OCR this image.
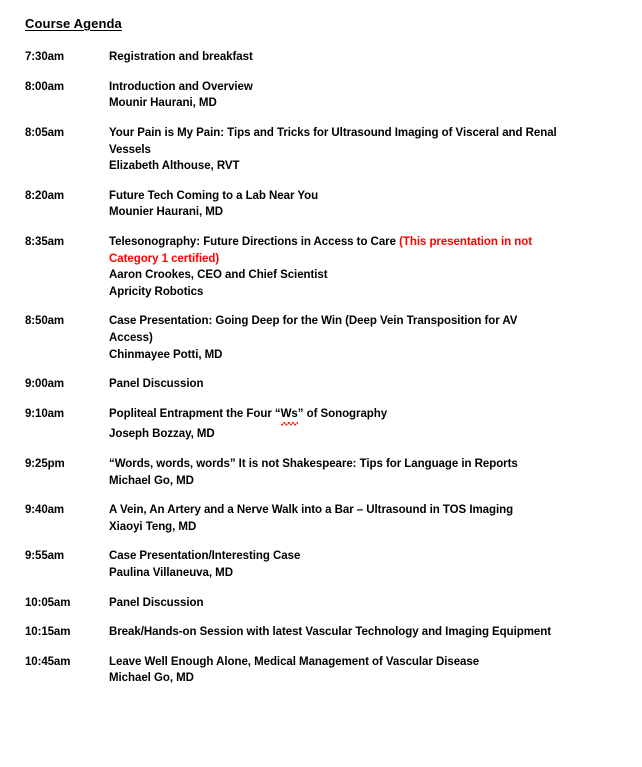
Course Agenda
7:30am	Registration and breakfast
8:00am	Introduction and Overview
Mounir Haurani, MD
8:05am	Your Pain is My Pain: Tips and Tricks for Ultrasound Imaging of Visceral and Renal Vessels
Elizabeth Althouse, RVT
8:20am	Future Tech Coming to a Lab Near You
Mounier Haurani, MD
8:35am	Telesonography: Future Directions in Access to Care (This presentation in not Category 1 certified)
Aaron Crookes, CEO and Chief Scientist
Apricity Robotics
8:50am	Case Presentation: Going Deep for the Win (Deep Vein Transposition for AV Access)
Chinmayee Potti, MD
9:00am	Panel Discussion
9:10am	Popliteal Entrapment the Four “Ws” of Sonography
Joseph Bozzay, MD
9:25pm	“Words, words, words” It is not Shakespeare: Tips for Language in Reports
Michael Go, MD
9:40am	A Vein, An Artery and a Nerve Walk into a Bar – Ultrasound in TOS Imaging
Xiaoyi Teng, MD
9:55am	Case Presentation/Interesting Case
Paulina Villaneuva, MD
10:05am	Panel Discussion
10:15am	Break/Hands-on Session with latest Vascular Technology and Imaging Equipment
10:45am	Leave Well Enough Alone, Medical Management of Vascular Disease
Michael Go, MD
